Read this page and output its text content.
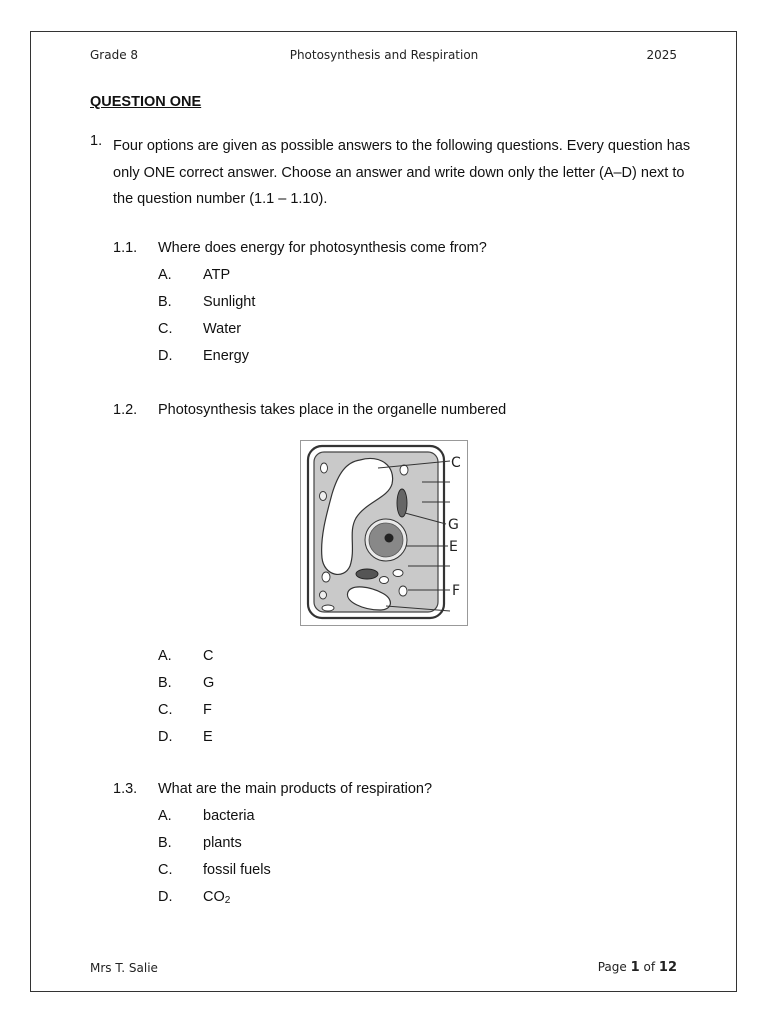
Grade 8	Photosynthesis and Respiration	2025
QUESTION ONE
1. Four options are given as possible answers to the following questions. Every question has only ONE correct answer. Choose an answer and write down only the letter (A–D) next to the question number (1.1 – 1.10).
1.1. Where does energy for photosynthesis come from?
A. ATP
B. Sunlight
C. Water
D. Energy
1.2. Photosynthesis takes place in the organelle numbered
C
G
E
F
A. C
B. G
C. F
D. E
1.3. What are the main products of respiration?
A. bacteria
B. plants
C. fossil fuels
D. $CO_2$
Mrs T. Salie	Page 1 of 12
